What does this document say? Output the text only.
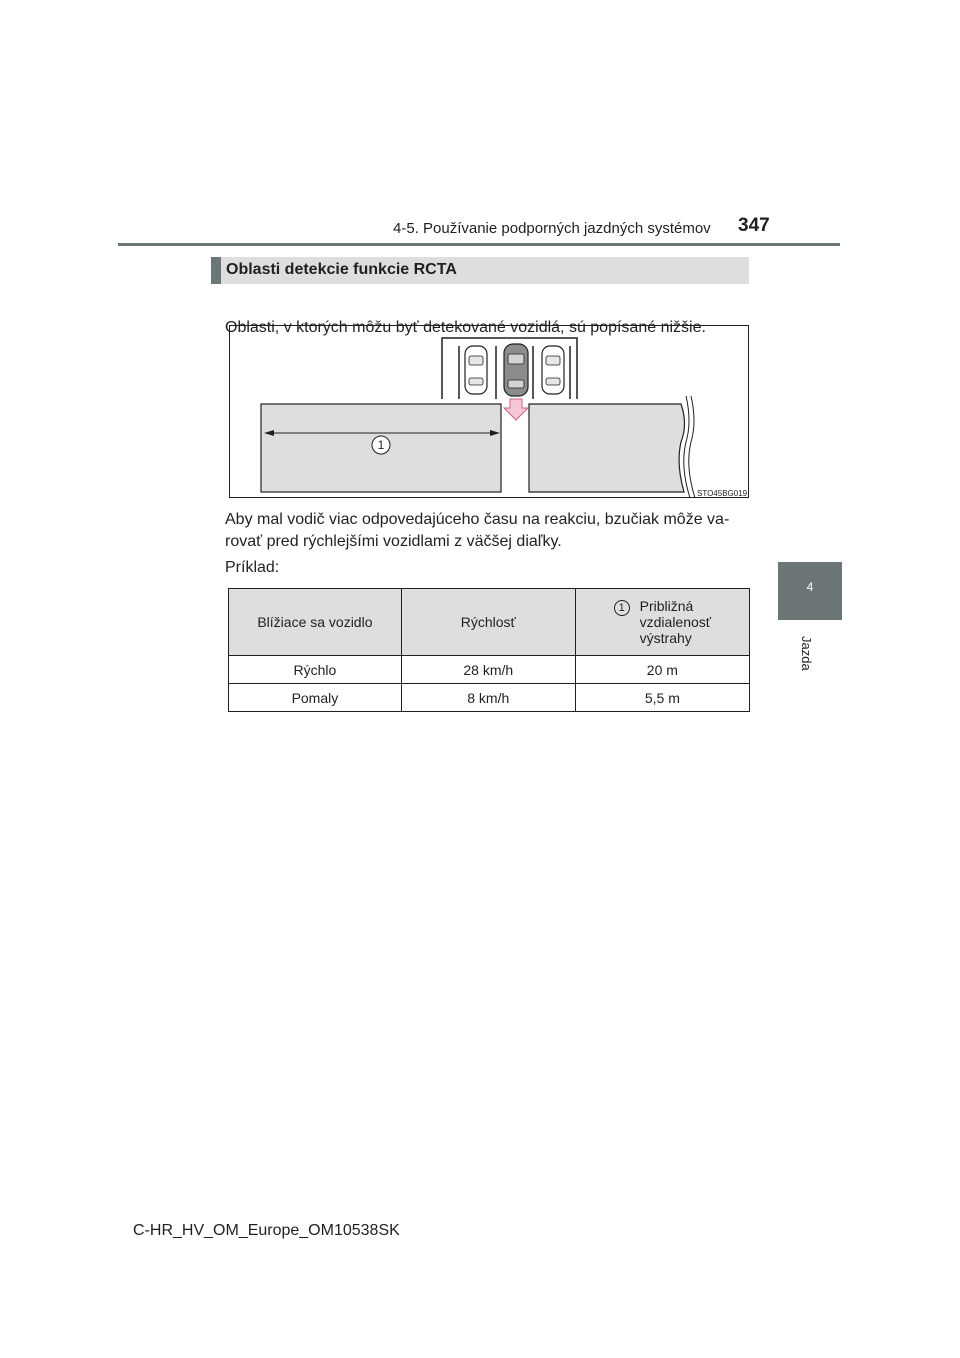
4-5. Používanie podporných jazdných systémov 347
4
Jazda
Oblasti detekcie funkcie RCTA
Oblasti, v ktorých môžu byť detekované vozidlá, sú popísané nižšie.
1
STO45BG019
Aby mal vodič viac odpovedajúceho času na reakciu, bzučiak môže va-
rovať pred rýchlejšími vozidlami z väčšej diaľky.
Príklad:
Blížiace sa vozidlo	Rýchlosť	1 Približná
vzdialenosť
výstrahy

Rýchlo	28 km/h	20 m
Pomaly	8 km/h	5,5 m
C-HR_HV_OM_Europe_OM10538SK
